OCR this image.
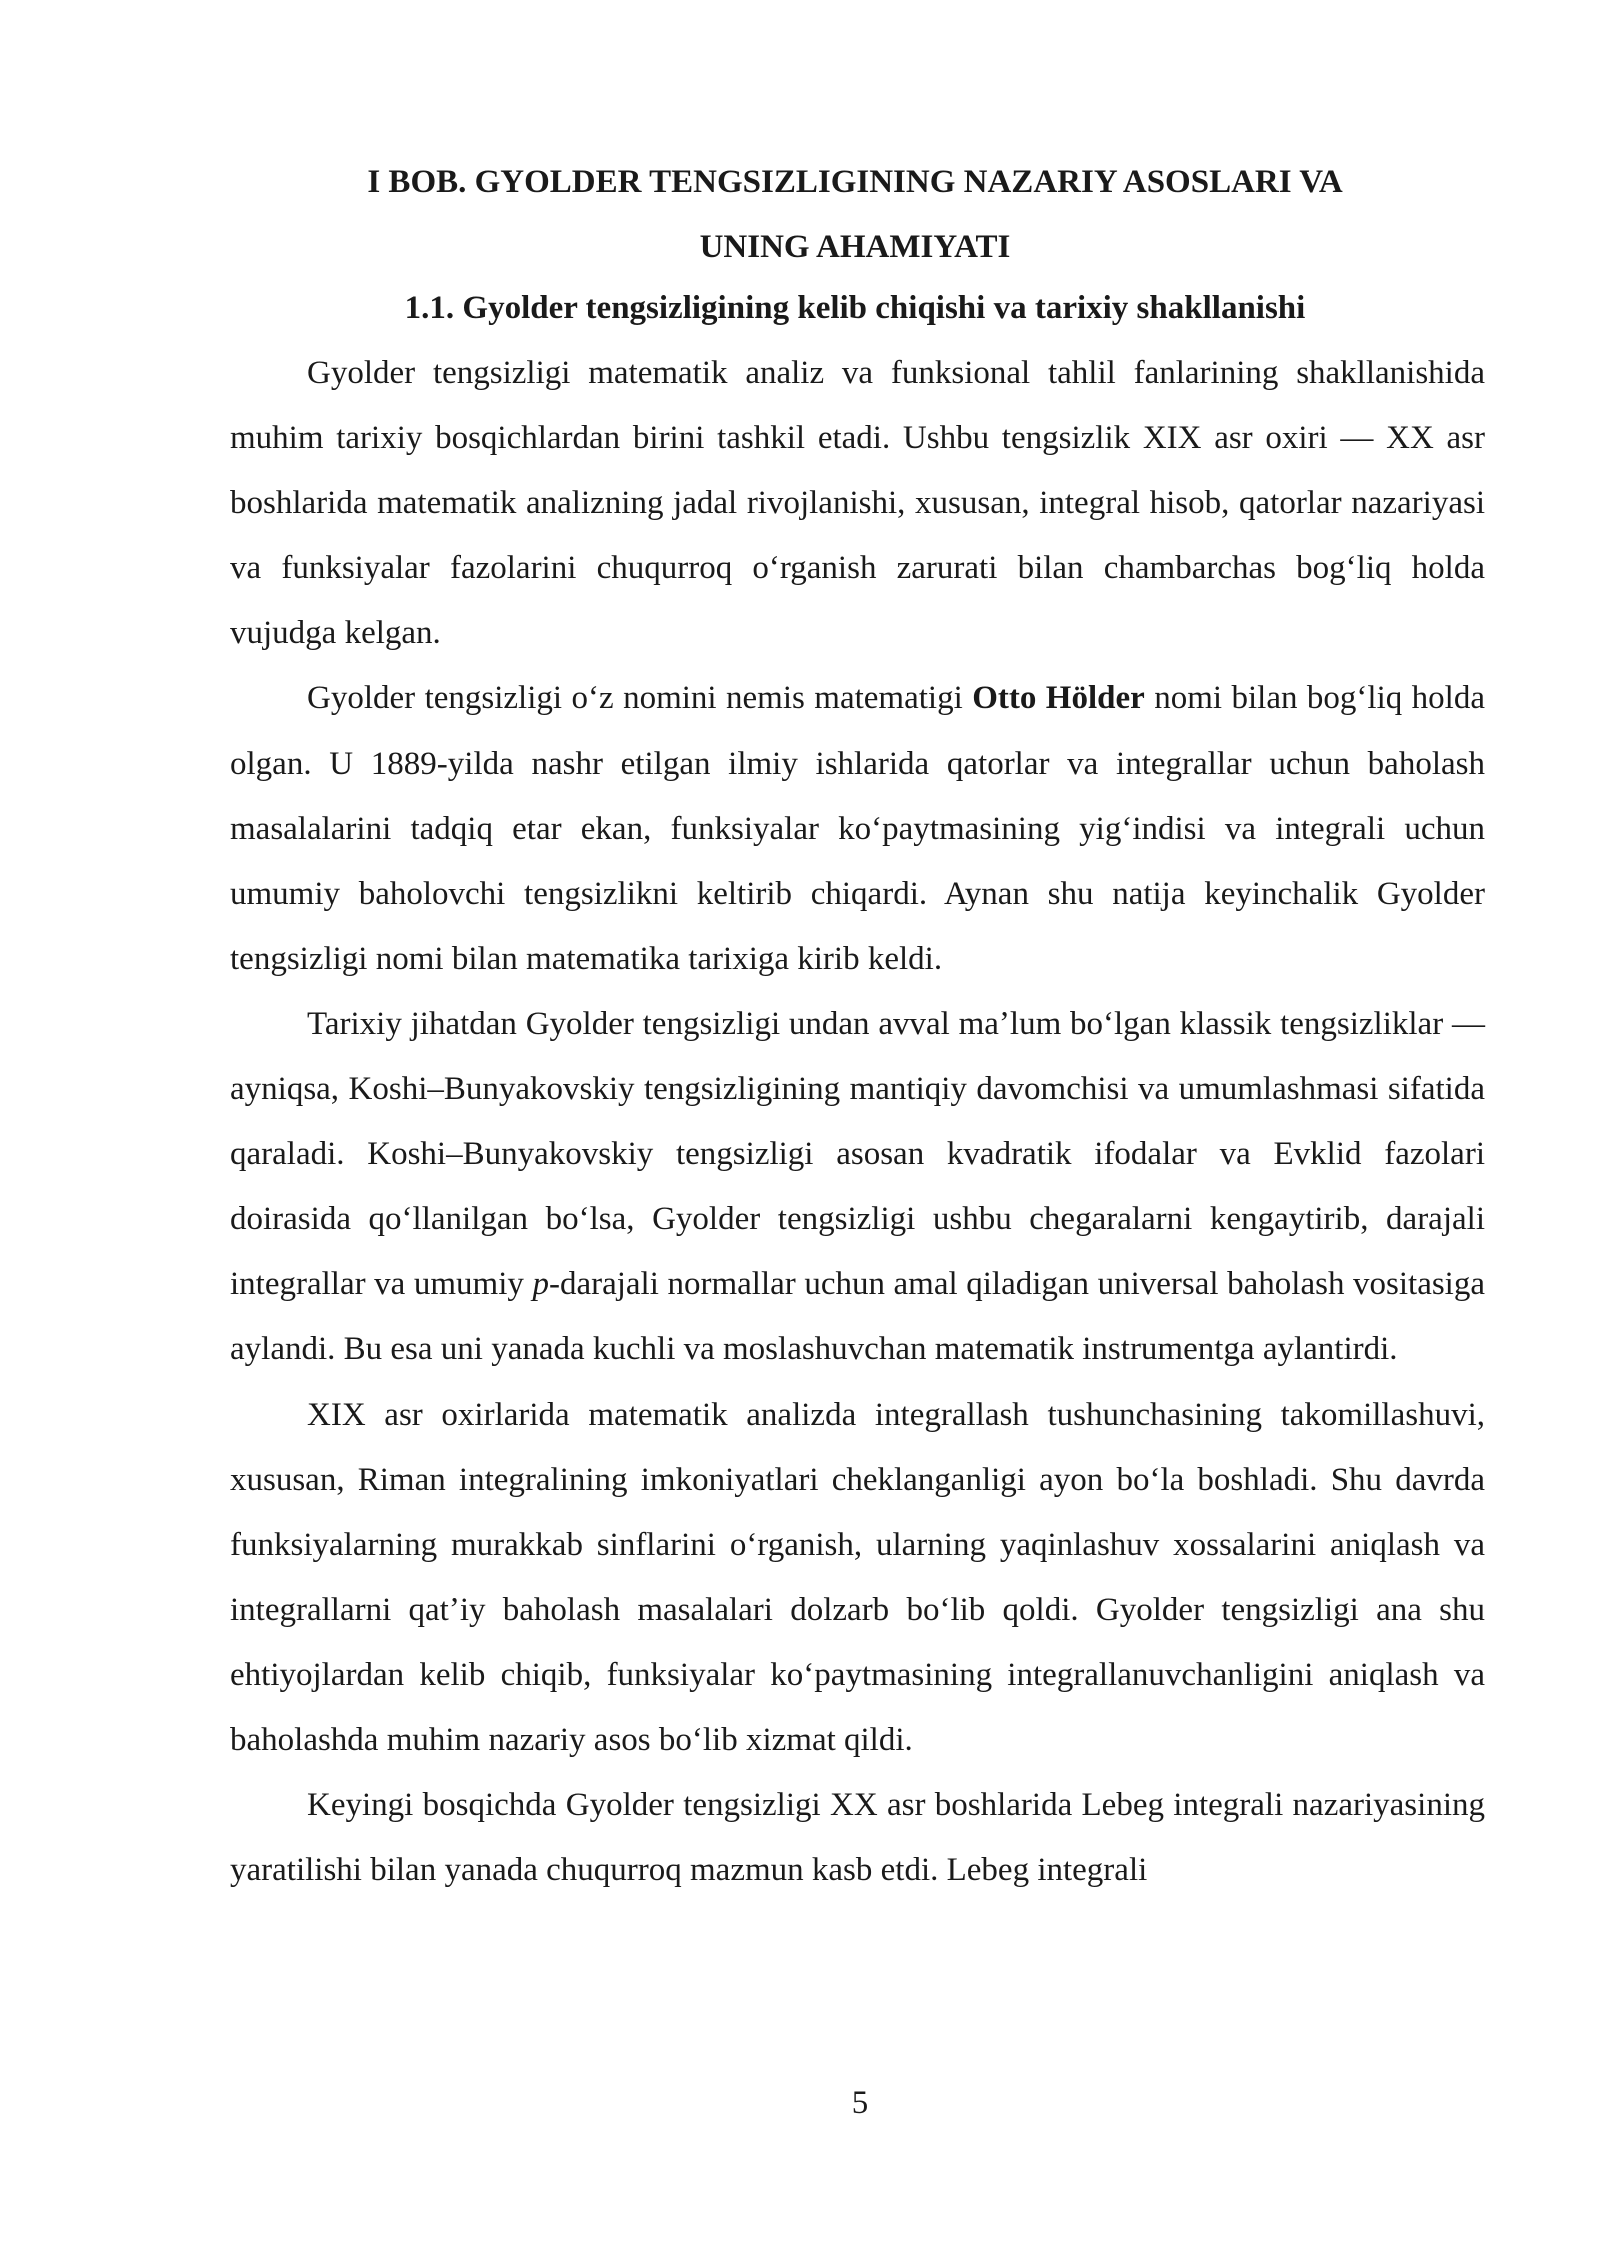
I BOB. GYOLDER TENGSIZLIGINING NAZARIY ASOSLARI VA
UNING AHAMIYATI
1.1. Gyolder tengsizligining kelib chiqishi va tarixiy shakllanishi

Gyolder tengsizligi matematik analiz va funksional tahlil fanlarining shakllanishida muhim tarixiy bosqichlardan birini tashkil etadi. Ushbu tengsizlik XIX asr oxiri — XX asr boshlarida matematik analizning jadal rivojlanishi, xususan, integral hisob, qatorlar nazariyasi va funksiyalar fazolarini chuqurroq oʻrganish zarurati bilan chambarchas bogʻliq holda vujudga kelgan.

Gyolder tengsizligi oʻz nomini nemis matematigi Otto Hölder nomi bilan bogʻliq holda olgan. U 1889-yilda nashr etilgan ilmiy ishlarida qatorlar va integrallar uchun baholash masalalarini tadqiq etar ekan, funksiyalar koʻpaytmasining yigʻindisi va integrali uchun umumiy baholovchi tengsizlikni keltirib chiqardi. Aynan shu natija keyinchalik Gyolder tengsizligi nomi bilan matematika tarixiga kirib keldi.

Tarixiy jihatdan Gyolder tengsizligi undan avval maʼlum boʻlgan klassik tengsizliklar — ayniqsa, Koshi–Bunyakovskiy tengsizligining mantiqiy davomchisi va umumlashmasi sifatida qaraladi. Koshi–Bunyakovskiy tengsizligi asosan kvadratik ifodalar va Evklid fazolari doirasida qoʻllanilgan boʻlsa, Gyolder tengsizligi ushbu chegaralarni kengaytirib, darajali integrallar va umumiy p-darajali normallar uchun amal qiladigan universal baholash vositasiga aylandi. Bu esa uni yanada kuchli va moslashuvchan matematik instrumentga aylantirdi.

XIX asr oxirlarida matematik analizda integrallash tushunchasining takomillashuvi, xususan, Riman integralining imkoniyatlari cheklanganligi ayon boʻla boshladi. Shu davrda funksiyalarning murakkab sinflarini oʻrganish, ularning yaqinlashuv xossalarini aniqlash va integrallarni qatʼiy baholash masalalari dolzarb boʻlib qoldi. Gyolder tengsizligi ana shu ehtiyojlardan kelib chiqib, funksiyalar koʻpaytmasining integrallanuvchanligini aniqlash va baholashda muhim nazariy asos boʻlib xizmat qildi.

Keyingi bosqichda Gyolder tengsizligi XX asr boshlarida Lebeg integrali nazariyasining yaratilishi bilan yanada chuqurroq mazmun kasb etdi. Lebeg integrali

5
